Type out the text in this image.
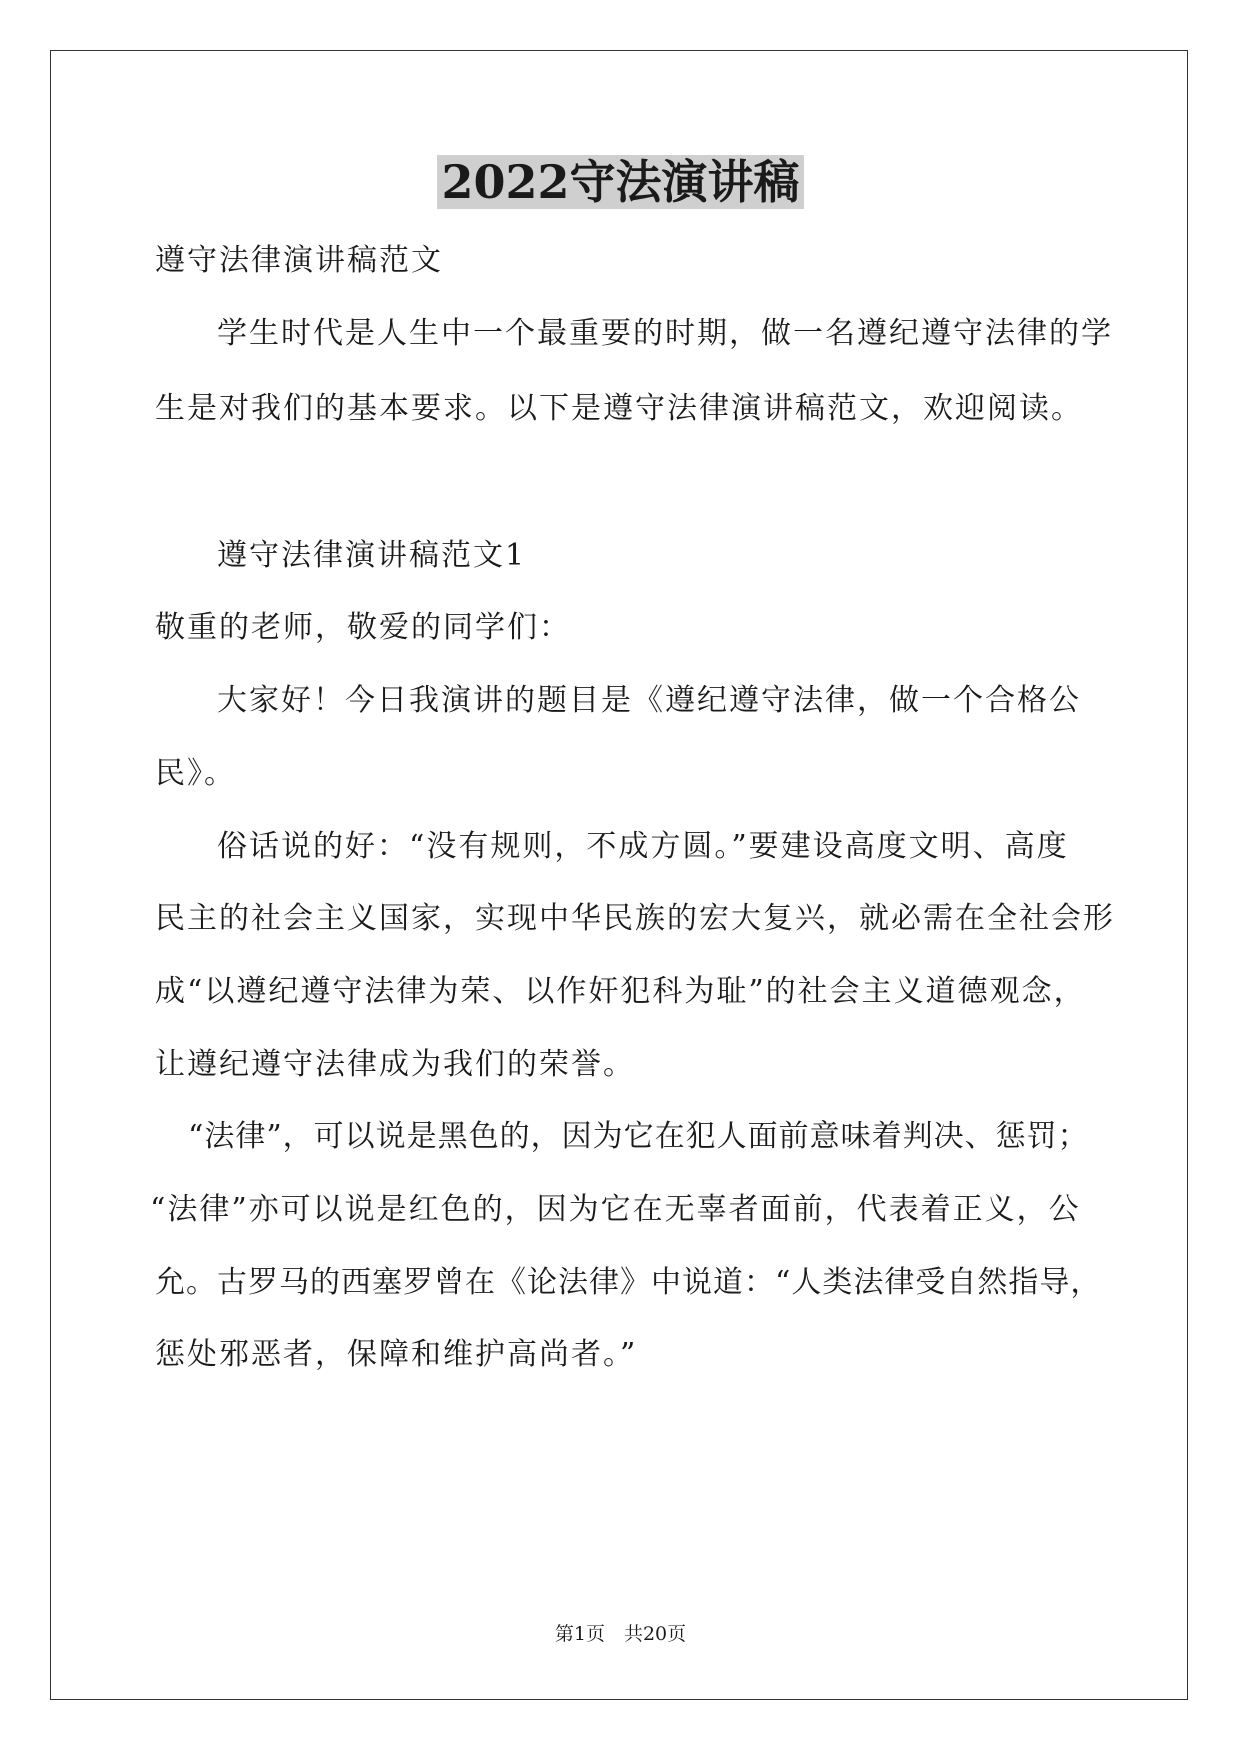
2022守法演讲稿
遵守法律演讲稿范文
学生时代是人生中一个最重要的时期，做一名遵纪遵守法律的学
生是对我们的基本要求。以下是遵守法律演讲稿范文，欢迎阅读。
遵守法律演讲稿范文1
敬重的老师，敬爱的同学们：
大家好！今日我演讲的题目是《遵纪遵守法律，做一个合格公
民》。
俗话说的好：“没有规则，不成方圆。”要建设高度文明、高度
民主的社会主义国家，实现中华民族的宏大复兴，就必需在全社会形
成“以遵纪遵守法律为荣、以作奸犯科为耻”的社会主义道德观念，
让遵纪遵守法律成为我们的荣誉。
“法律”，可以说是黑色的，因为它在犯人面前意味着判决、惩罚；
“法律”亦可以说是红色的，因为它在无辜者面前，代表着正义，公
允。古罗马的西塞罗曾在《论法律》中说道：“人类法律受自然指导，
惩处邪恶者，保障和维护高尚者。”
第1页　共20页
